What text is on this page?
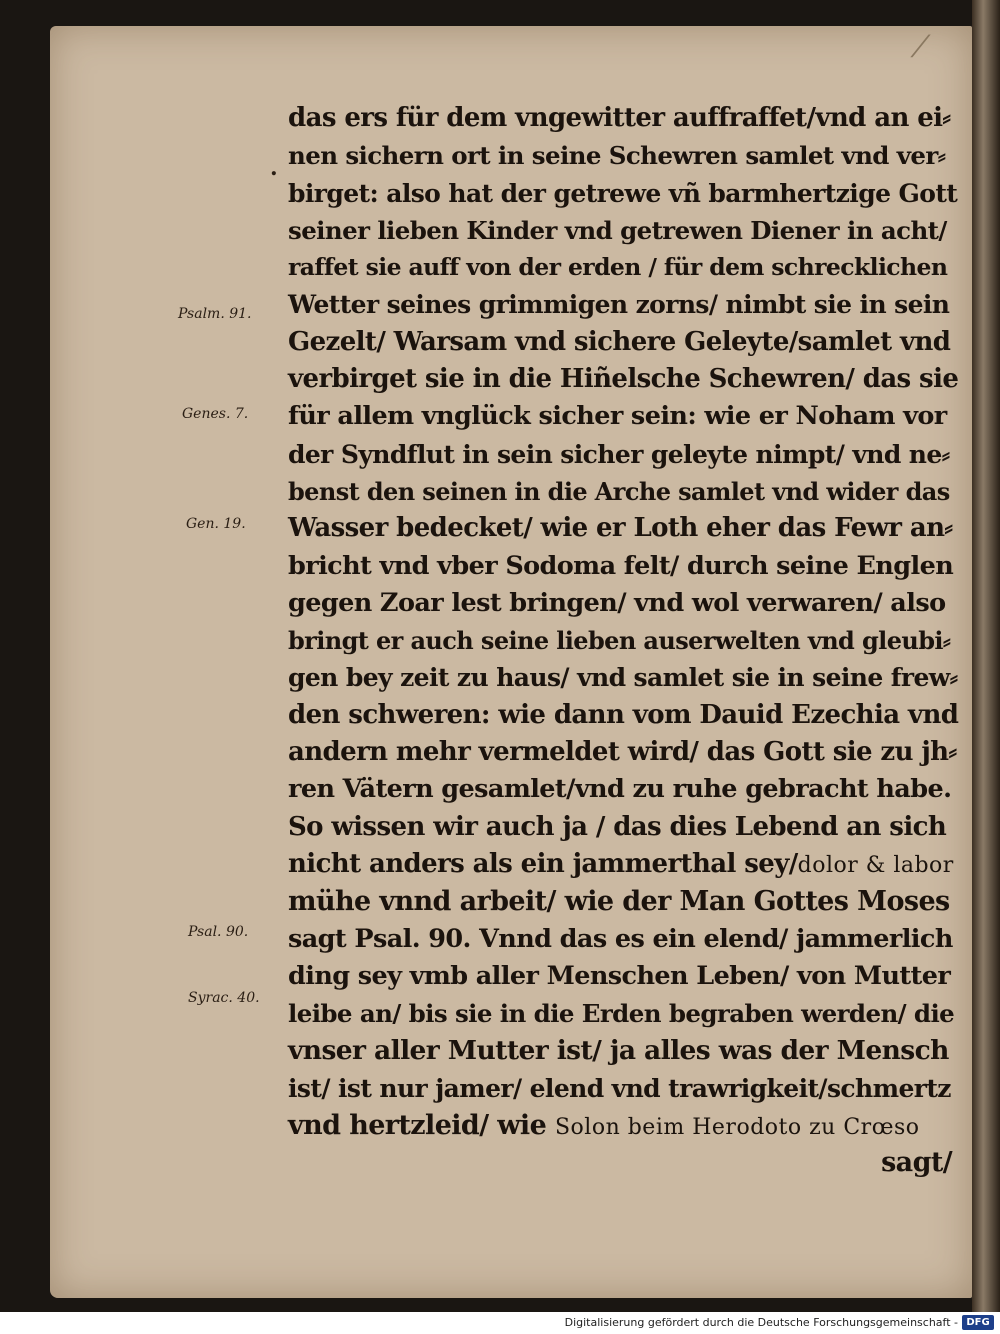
⁄
.
Psalm. 91.
Genes. 7.
Gen. 19.
Psal. 90.
Syrac. 40.
das ers für dem vngewitter auffraffet/vnd an ei⸗
nen sichern ort in seine Schewren samlet vnd ver⸗
birget: also hat der getrewe vñ barmhertzige Gott
seiner lieben Kinder vnd getrewen Diener in acht/
raffet sie auff von der erden / für dem schrecklichen
Wetter seines grimmigen zorns/ nimbt sie in sein
Gezelt/ Warsam vnd sichere Geleyte/samlet vnd
verbirget sie in die Hiñelsche Schewren/ das sie
für allem vnglück sicher sein: wie er Noham vor
der Syndflut in sein sicher geleyte nimpt/ vnd ne⸗
benst den seinen in die Arche samlet vnd wider das
Wasser bedecket/ wie er Loth eher das Fewr an⸗
bricht vnd vber Sodoma felt/ durch seine Englen
gegen Zoar lest bringen/ vnd wol verwaren/ also
bringt er auch seine lieben auserwelten vnd gleubi⸗
gen bey zeit zu haus/ vnd samlet sie in seine frew⸗
den schweren: wie dann vom Dauid Ezechia vnd
andern mehr vermeldet wird/ das Gott sie zu jh⸗
ren Vätern gesamlet/vnd zu ruhe gebracht habe.
So wissen wir auch ja / das dies Lebend an sich
nicht anders als ein jammerthal sey/dolor & labor
mühe vnnd arbeit/ wie der Man Gottes Moses
sagt Psal. 90. Vnnd das es ein elend/ jammerlich
ding sey vmb aller Menschen Leben/ von Mutter
leibe an/ bis sie in die Erden begraben werden/ die
vnser aller Mutter ist/ ja alles was der Mensch
ist/ ist nur jamer/ elend vnd trawrigkeit/schmertz
vnd hertzleid/ wie Solon beim Herodoto zu Crœso
sagt/
Digitalisierung gefördert durch die Deutsche Forschungsgemeinschaft - DFG
